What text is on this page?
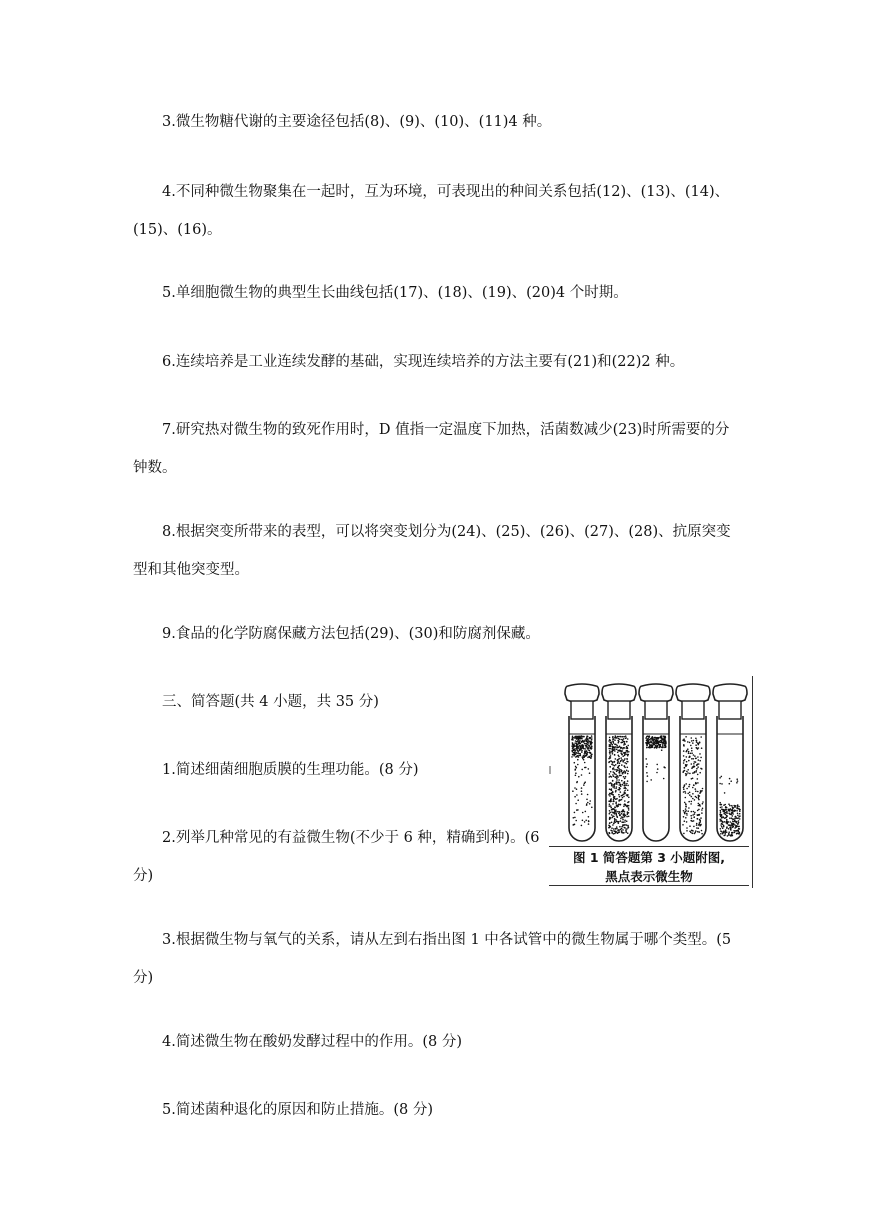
3.微生物糖代谢的主要途径包括(8)、(9)、(10)、(11)4 种。

4.不同种微生物聚集在一起时，互为环境，可表现出的种间关系包括(12)、(13)、(14)、(15)、(16)。

5.单细胞微生物的典型生长曲线包括(17)、(18)、(19)、(20)4 个时期。

6.连续培养是工业连续发酵的基础，实现连续培养的方法主要有(21)和(22)2 种。

7.研究热对微生物的致死作用时，D 值指一定温度下加热，活菌数减少(23)时所需要的分钟数。

8.根据突变所带来的表型，可以将突变划分为(24)、(25)、(26)、(27)、(28)、抗原突变型和其他突变型。

9.食品的化学防腐保藏方法包括(29)、(30)和防腐剂保藏。

三、简答题(共 4 小题，共 35 分)

1.简述细菌细胞质膜的生理功能。(8 分)

2.列举几种常见的有益微生物(不少于 6 种，精确到种)。(6 分)

3.根据微生物与氧气的关系，请从左到右指出图 1 中各试管中的微生物属于哪个类型。(5 分)

4.简述微生物在酸奶发酵过程中的作用。(8 分)

5.简述菌种退化的原因和防止措施。(8 分)

图 1 简答题第 3 小题附图,
黑点表示微生物
